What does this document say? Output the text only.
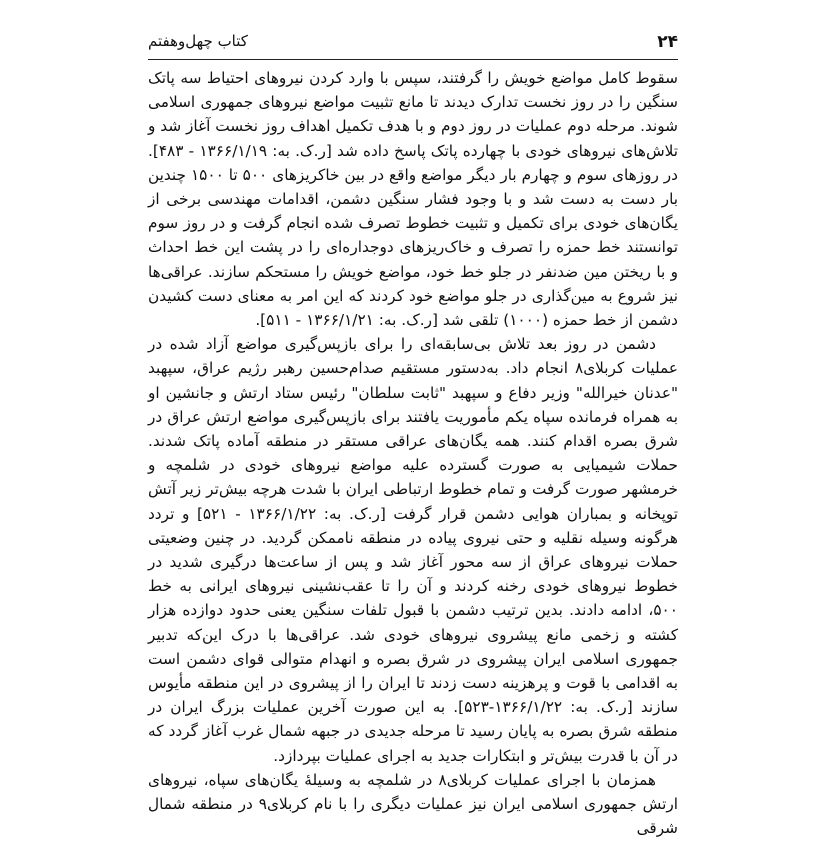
۲۴
کتاب چهل‌وهفتم

سقوط کامل مواضع خویش را گرفتند، سپس با وارد کردن نیروهای احتیاط سه پاتک سنگین را در روز نخست تدارک دیدند تا مانع تثبیت مواضع نیروهای جمهوری اسلامی شوند. مرحله دوم عملیات در روز دوم و با هدف تکمیل اهداف روز نخست آغاز شد و تلاش‌های نیروهای خودی با چهارده پاتک پاسخ داده شد [ر.ک. به: ۱۳۶۶/۱/۱۹ - ۴۸۳]. در روزهای سوم و چهارم بار دیگر مواضع واقع در بین خاکریزهای ۵۰۰ تا ۱۵۰۰ چندین بار دست به دست شد و با وجود فشار سنگین دشمن، اقدامات مهندسی برخی از یگان‌های خودی برای تکمیل و تثبیت خطوط تصرف شده انجام گرفت و در روز سوم توانستند خط حمزه را تصرف و خاک‌ریزهای دوجداره‌ای را در پشت این خط احداث و با ریختن مین ضدنفر در جلو خط خود، مواضع خویش را مستحکم سازند. عراقی‌ها نیز شروع به مین‌گذاری در جلو مواضع خود کردند که این امر به معنای دست کشیدن دشمن از خط حمزه (۱۰۰۰) تلقی شد [ر.ک. به: ۱۳۶۶/۱/۲۱ - ۵۱۱].

دشمن در روز بعد تلاش بی‌سابقه‌ای را برای بازپس‌گیری مواضع آزاد شده در عملیات کربلای۸ انجام داد. به‌دستور مستقیم صدام‌حسین رهبر رژیم عراق، سپهبد "عدنان خیرالله" وزیر دفاع و سپهبد "ثابت سلطان" رئیس ستاد ارتش و جانشین او به همراه فرمانده سپاه یکم مأموریت یافتند برای بازپس‌گیری مواضع ارتش عراق در شرق بصره اقدام کنند. همه یگان‌های عراقی مستقر در منطقه آماده پاتک شدند. حملات شیمیایی به صورت گسترده علیه مواضع نیروهای خودی در شلمچه و خرمشهر صورت گرفت و تمام خطوط ارتباطی ایران با شدت هرچه بیش‌تر زیر آتش توپخانه و بمباران هوایی دشمن قرار گرفت [ر.ک. به: ۱۳۶۶/۱/۲۲ - ۵۲۱] و تردد هرگونه وسیله نقلیه و حتی نیروی پیاده در منطقه ناممکن گردید. در چنین وضعیتی حملات نیروهای عراق از سه محور آغاز شد و پس از ساعت‌ها درگیری شدید در خطوط نیروهای خودی رخنه کردند و آن را تا عقب‌نشینی نیروهای ایرانی به خط ۵۰۰، ادامه دادند. بدین ترتیب دشمن با قبول تلفات سنگین یعنی حدود دوازده هزار کشته و زخمی مانع پیشروی نیروهای خودی شد. عراقی‌ها با درک این‌که تدبیر جمهوری اسلامی ایران پیشروی در شرق بصره و انهدام متوالی قوای دشمن است به اقدامی با قوت و پرهزینه دست زدند تا ایران را از پیشروی در این منطقه مأیوس سازند [ر.ک. به: ۱۳۶۶/۱/۲۲-۵۲۳]. به این صورت آخرین عملیات بزرگ ایران در منطقه شرق بصره به پایان رسید تا مرحله جدیدی در جبهه شمال غرب آغاز گردد که در آن با قدرت بیش‌تر و ابتکارات جدید به اجرای عملیات بپردازد.

همزمان با اجرای عملیات کربلای۸ در شلمچه به وسیلهٔ یگان‌های سپاه، نیروهای ارتش جمهوری اسلامی ایران نیز عملیات دیگری را با نام کربلای۹ در منطقه شمال شرقی
